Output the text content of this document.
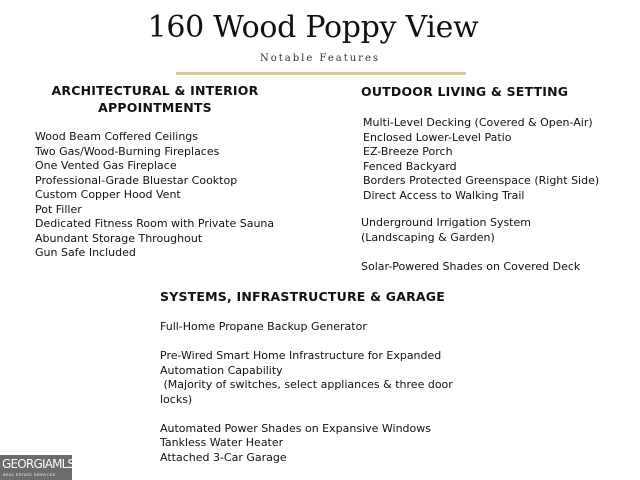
160 Wood Poppy View
Notable Features
ARCHITECTURAL & INTERIOR
APPOINTMENTS
Wood Beam Coffered Ceilings
Two Gas/Wood-Burning Fireplaces
One Vented Gas Fireplace
Professional-Grade Bluestar Cooktop
Custom Copper Hood Vent
Pot Filler
Dedicated Fitness Room with Private Sauna
Abundant Storage Throughout
Gun Safe Included
OUTDOOR LIVING & SETTING
Multi-Level Decking (Covered & Open-Air)
Enclosed Lower-Level Patio
EZ-Breeze Porch
Fenced Backyard
Borders Protected Greenspace (Right Side)
Direct Access to Walking Trail
Underground Irrigation System
(Landscaping & Garden)
Solar-Powered Shades on Covered Deck
SYSTEMS, INFRASTRUCTURE & GARAGE
Full-Home Propane Backup Generator
Pre-Wired Smart Home Infrastructure for Expanded
Automation Capability
(Majority of switches, select appliances & three door
locks)
Automated Power Shades on Expansive Windows
Tankless Water Heater
Attached 3-Car Garage
GEORGIAMLS
REAL ESTATE SERVICES
